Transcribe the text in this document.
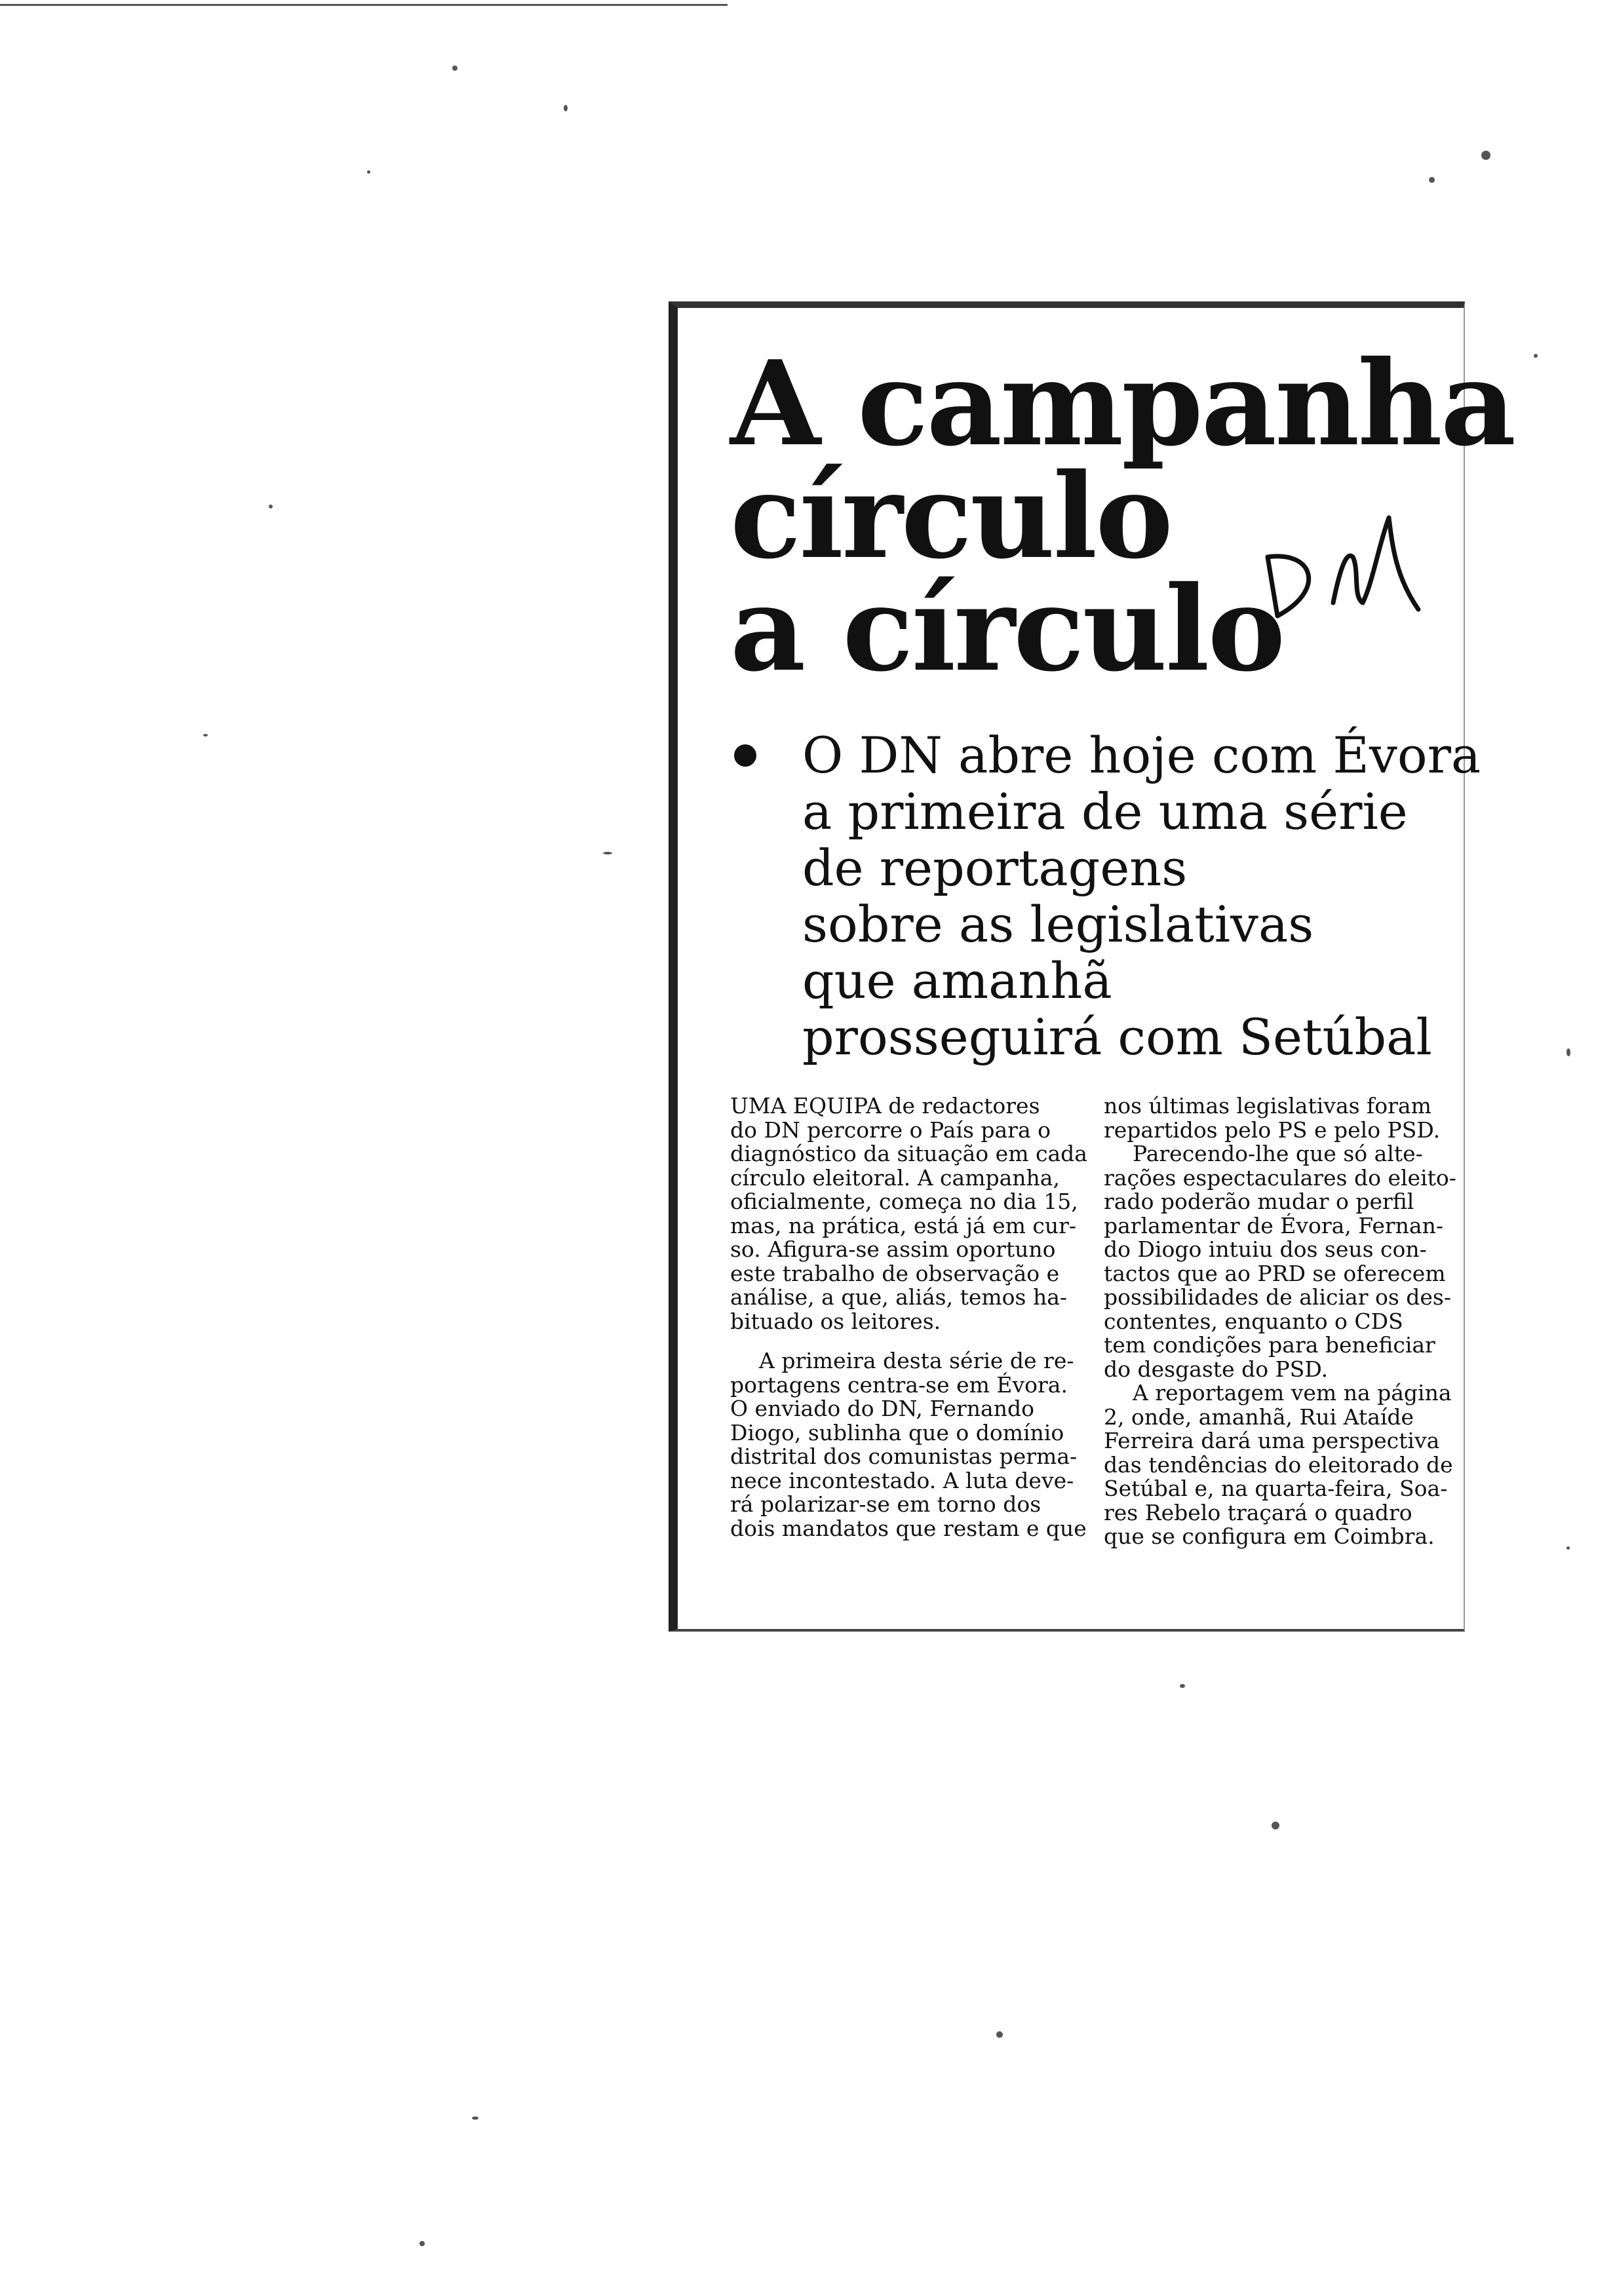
A campanha
círculo
a círculo
O DN abre hoje com Évora
a primeira de uma série
de reportagens
sobre as legislativas
que amanhã
prosseguirá com Setúbal
UMA EQUIPA de redactores
do DN percorre o País para o
diagnóstico da situação em cada
círculo eleitoral. A campanha,
oficialmente, começa no dia 15,
mas, na prática, está já em cur-
so. Afigura-se assim oportuno
este trabalho de observação e
análise, a que, aliás, temos ha-
bituado os leitores.
A primeira desta série de re-
portagens centra-se em Évora.
O enviado do DN, Fernando
Diogo, sublinha que o domínio
distrital dos comunistas perma-
nece incontestado. A luta deve-
rá polarizar-se em torno dos
dois mandatos que restam e que
nos últimas legislativas foram
repartidos pelo PS e pelo PSD.
Parecendo-lhe que só alte-
rações espectaculares do eleito-
rado poderão mudar o perfil
parlamentar de Évora, Fernan-
do Diogo intuiu dos seus con-
tactos que ao PRD se oferecem
possibilidades de aliciar os des-
contentes, enquanto o CDS
tem condições para beneficiar
do desgaste do PSD.
A reportagem vem na página
2, onde, amanhã, Rui Ataíde
Ferreira dará uma perspectiva
das tendências do eleitorado de
Setúbal e, na quarta-feira, Soa-
res Rebelo traçará o quadro
que se configura em Coimbra.
